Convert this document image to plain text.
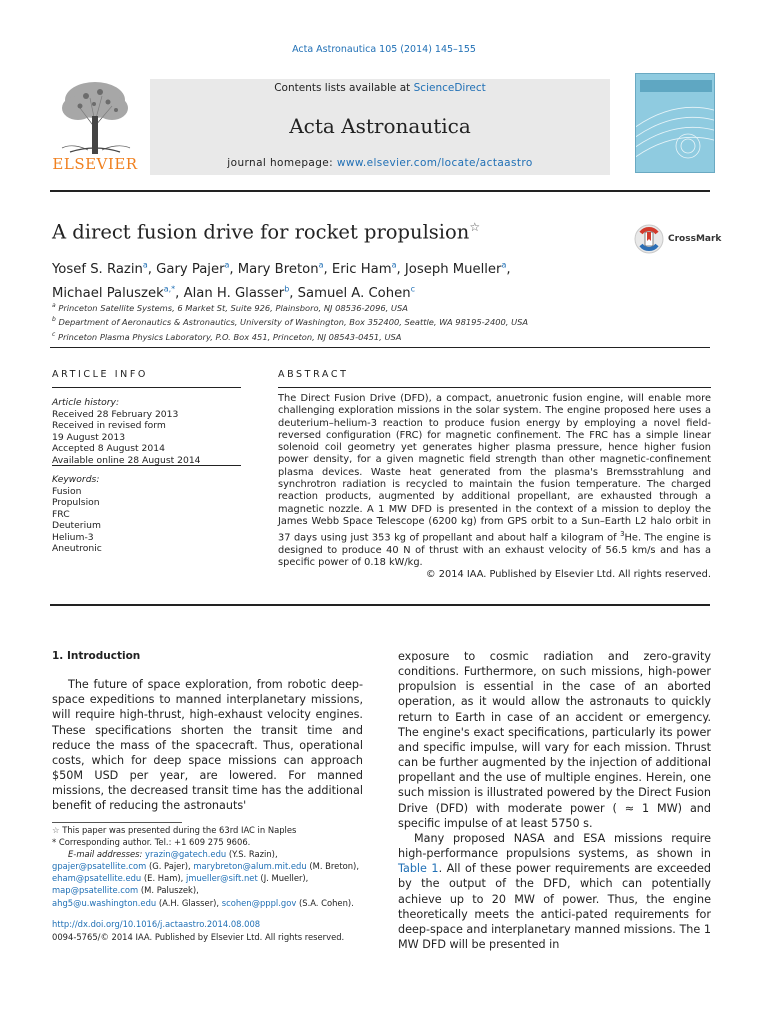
Acta Astronautica 105 (2014) 145–155
ELSEVIER
Contents lists available at ScienceDirect
Acta Astronautica
journal homepage: www.elsevier.com/locate/actaastro
A direct fusion drive for rocket propulsion☆
CrossMark
Yosef S. Razin$^a$, Gary Pajer$^a$, Mary Breton$^a$, Eric Ham$^a$, Joseph Mueller$^a$,
Michael Paluszek$^{a,*}$, Alan H. Glasser$^b$, Samuel A. Cohen$^c$
$^a$ Princeton Satellite Systems, 6 Market St, Suite 926, Plainsboro, NJ 08536-2096, USA
$^b$ Department of Aeronautics & Astronautics, University of Washington, Box 352400, Seattle, WA 98195-2400, USA
$^c$ Princeton Plasma Physics Laboratory, P.O. Box 451, Princeton, NJ 08543-0451, USA
ARTICLE INFO
Article history:
Received 28 February 2013
Received in revised form
19 August 2013
Accepted 8 August 2014
Available online 28 August 2014
Keywords:
Fusion
Propulsion
FRC
Deuterium
Helium-3
Aneutronic
ABSTRACT
The Direct Fusion Drive (DFD), a compact, anuetronic fusion engine, will enable more challenging exploration missions in the solar system. The engine proposed here uses a deuterium–helium-3 reaction to produce fusion energy by employing a novel field-reversed configuration (FRC) for magnetic confinement. The FRC has a simple linear solenoid coil geometry yet generates higher plasma pressure, hence higher fusion power density, for a given magnetic field strength than other magnetic-confinement plasma devices. Waste heat generated from the plasma's Bremsstrahlung and synchrotron radiation is recycled to maintain the fusion temperature. The charged reaction products, augmented by additional propellant, are exhausted through a magnetic nozzle. A 1 MW DFD is presented in the context of a mission to deploy the James Webb Space Telescope (6200 kg) from GPS orbit to a Sun–Earth L2 halo orbit in 37 days using just 353 kg of propellant and about half a kilogram of $^3$He. The engine is designed to produce 40 N of thrust with an exhaust velocity of 56.5 km/s and has a specific power of 0.18 kW/kg.
© 2014 IAA. Published by Elsevier Ltd. All rights reserved.
1. Introduction

The future of space exploration, from robotic deep-space expeditions to manned interplanetary missions, will require high-thrust, high-exhaust velocity engines. These specifications shorten the transit time and reduce the mass of the spacecraft. Thus, operational costs, which for deep space missions can approach $50M USD per year, are lowered. For manned missions, the decreased transit time has the additional benefit of reducing the astronauts'

exposure to cosmic radiation and zero-gravity conditions. Furthermore, on such missions, high-power propulsion is essential in the case of an aborted operation, as it would allow the astronauts to quickly return to Earth in case of an accident or emergency. The engine's exact specifications, particularly its power and specific impulse, will vary for each mission. Thrust can be further augmented by the injection of additional propellant and the use of multiple engines. Herein, one such mission is illustrated powered by the Direct Fusion Drive (DFD) with moderate power ( ≈ 1 MW) and specific impulse of at least 5750 s.

Many proposed NASA and ESA missions require high-performance propulsions systems, as shown in Table 1. All of these power requirements are exceeded by the output of the DFD, which can potentially achieve up to 20 MW of power. Thus, the engine theoretically meets the antici-pated requirements for deep-space and interplanetary manned missions. The 1 MW DFD will be presented in

☆ This paper was presented during the 63rd IAC in Naples
* Corresponding author. Tel.: +1 609 275 9606.
E-mail addresses: yrazin@gatech.edu (Y.S. Razin),
gpajer@psatellite.com (G. Pajer), marybreton@alum.mit.edu (M. Breton),
eham@psatellite.edu (E. Ham), jmueller@sift.net (J. Mueller),
map@psatellite.com (M. Paluszek),
ahg5@u.washington.edu (A.H. Glasser), scohen@pppl.gov (S.A. Cohen).
http://dx.doi.org/10.1016/j.actaastro.2014.08.008
0094-5765/© 2014 IAA. Published by Elsevier Ltd. All rights reserved.
